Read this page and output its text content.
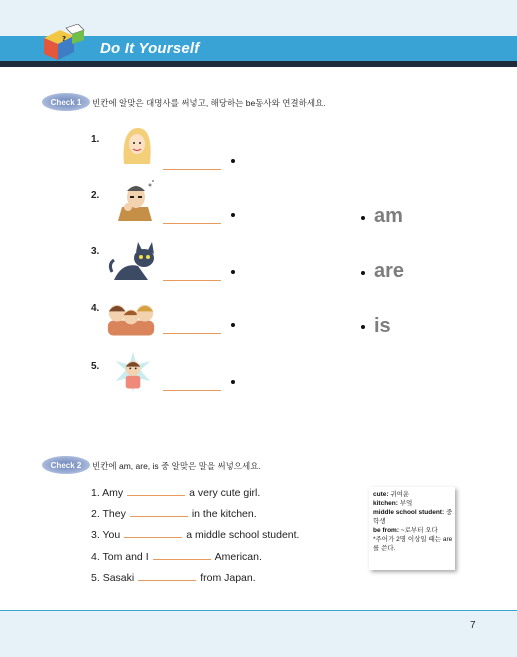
?
Do It Yourself
Check 1	빈칸에 알맞은 대명사를 써넣고, 해당하는 be동사와 연결하세요.
1.
2.
3.
4.
5.
am
are
is
Check 2	빈칸에 am, are, is 중 알맞은 말을 써넣으세요.
1. Amy	a very cute girl.
2. They	in the kitchen.
3. You	a middle school student.
4. Tom and I	American.
5. Sasaki	from Japan.
cute: 귀여운
kitchen: 부엌
middle school student: 중학생
be from: ~로부터 오다
*주어가 2명 이상일 때는 are를 쓴다.
7
